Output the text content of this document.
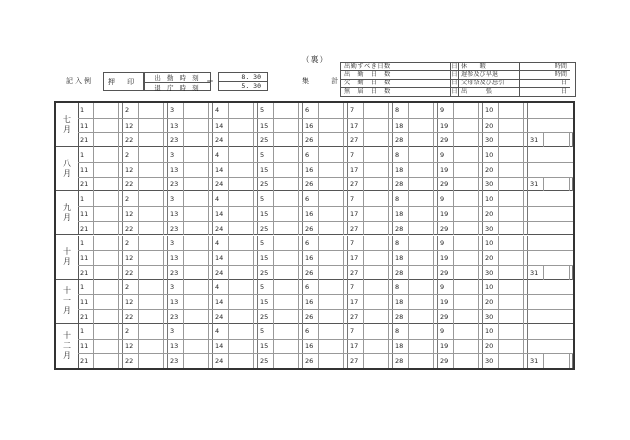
（裏）
記入例	押 印	出 勤 時 刻
退 庁 時 刻
＝	8. 30
5. 30
集 計
出勤すべき日数	日 休　　暇	時間
出　勤　日　数	日 遅参及び早退	時間
欠　勤　日　数	日 父母祭及び忌引	日
無　届　日　数	日 出　　　張	日
七
月
1	2	3	4	5	6	7	8	9	10
11	12	13	14	15	16	17	18	19	20
21	22	23	24	25	26	27	28	29	30	31
八
月
1	2	3	4	5	6	7	8	9	10
11	12	13	14	15	16	17	18	19	20
21	22	23	24	25	26	27	28	29	30	31
九
月
1	2	3	4	5	6	7	8	9	10
11	12	13	14	15	16	17	18	19	20
21	22	23	24	25	26	27	28	29	30
十
月
1	2	3	4	5	6	7	8	9	10
11	12	13	14	15	16	17	18	19	20
21	22	23	24	25	26	27	28	29	30	31
十
一
月
1	2	3	4	5	6	7	8	9	10
11	12	13	14	15	16	17	18	19	20
21	22	23	24	25	26	27	28	29	30
十
二
月
1	2	3	4	5	6	7	8	9	10
11	12	13	14	15	16	17	18	19	20
21	22	23	24	25	26	27	28	29	30	31
